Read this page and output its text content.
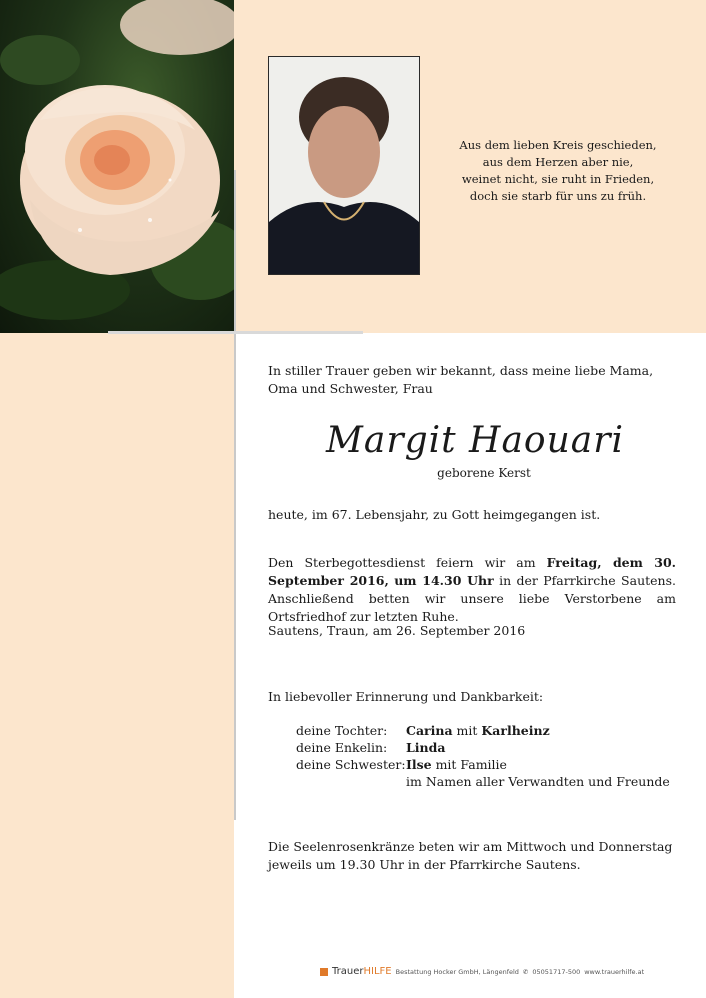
Aus dem lieben Kreis geschieden,
aus dem Herzen aber nie,
weinet nicht, sie ruht in Frieden,
doch sie starb für uns zu früh.
In stiller Trauer geben wir bekannt, dass meine liebe Mama, Oma und Schwester, Frau
Margit Haouari
geborene Kerst
heute, im 67. Lebensjahr, zu Gott heimgegangen ist.
Den Sterbegottesdienst feiern wir am Freitag, dem 30. September 2016, um 14.30 Uhr in der Pfarrkirche Sautens. Anschließend betten wir unsere liebe Verstorbene am Ortsfriedhof zur letzten Ruhe.
Sautens, Traun, am 26. September 2016
In liebevoller Erinnerung und Dankbarkeit:
deine Tochter: Carina mit Karlheinz
deine Enkelin: Linda
deine Schwester: Ilse mit Familie
im Namen aller Verwandten und Freunde
Die Seelenrosenkränze beten wir am Mittwoch und Donnerstag jeweils um 19.30 Uhr in der Pfarrkirche Sautens.
TrauerHILFE Bestattung Hocker GmbH, Längenfeld ✆ 05051717-500 www.trauerhilfe.at
